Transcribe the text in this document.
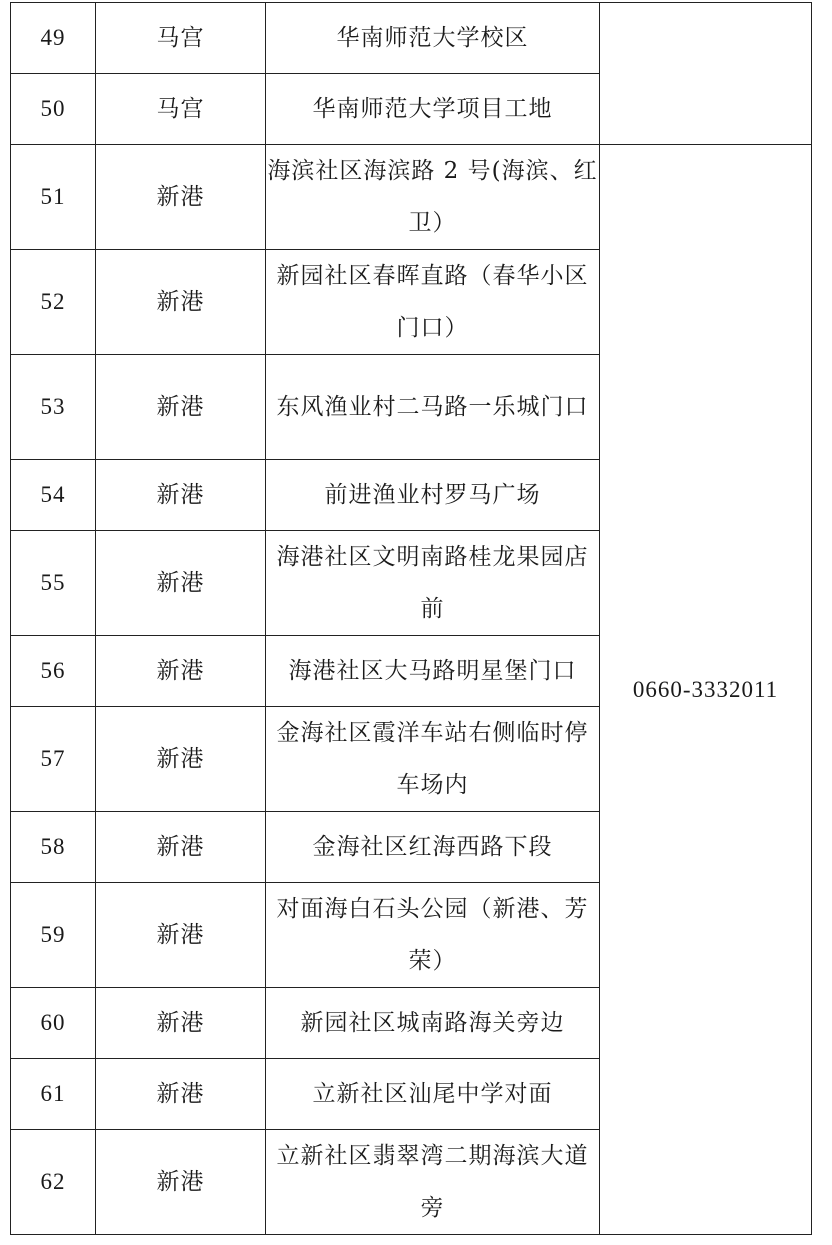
49	马宫	华南师范大学校区	
50	马宫	华南师范大学项目工地	
51	新港	海滨社区海滨路 2 号(海滨、红卫）	0660-3332011
52	新港	新园社区春晖直路（春华小区门口）	
53	新港	东风渔业村二马路一乐城门口	
54	新港	前进渔业村罗马广场	
55	新港	海港社区文明南路桂龙果园店前	
56	新港	海港社区大马路明星堡门口	
57	新港	金海社区霞洋车站右侧临时停车场内	
58	新港	金海社区红海西路下段	
59	新港	对面海白石头公园（新港、芳荣）	
60	新港	新园社区城南路海关旁边	
61	新港	立新社区汕尾中学对面	
62	新港	立新社区翡翠湾二期海滨大道旁	
